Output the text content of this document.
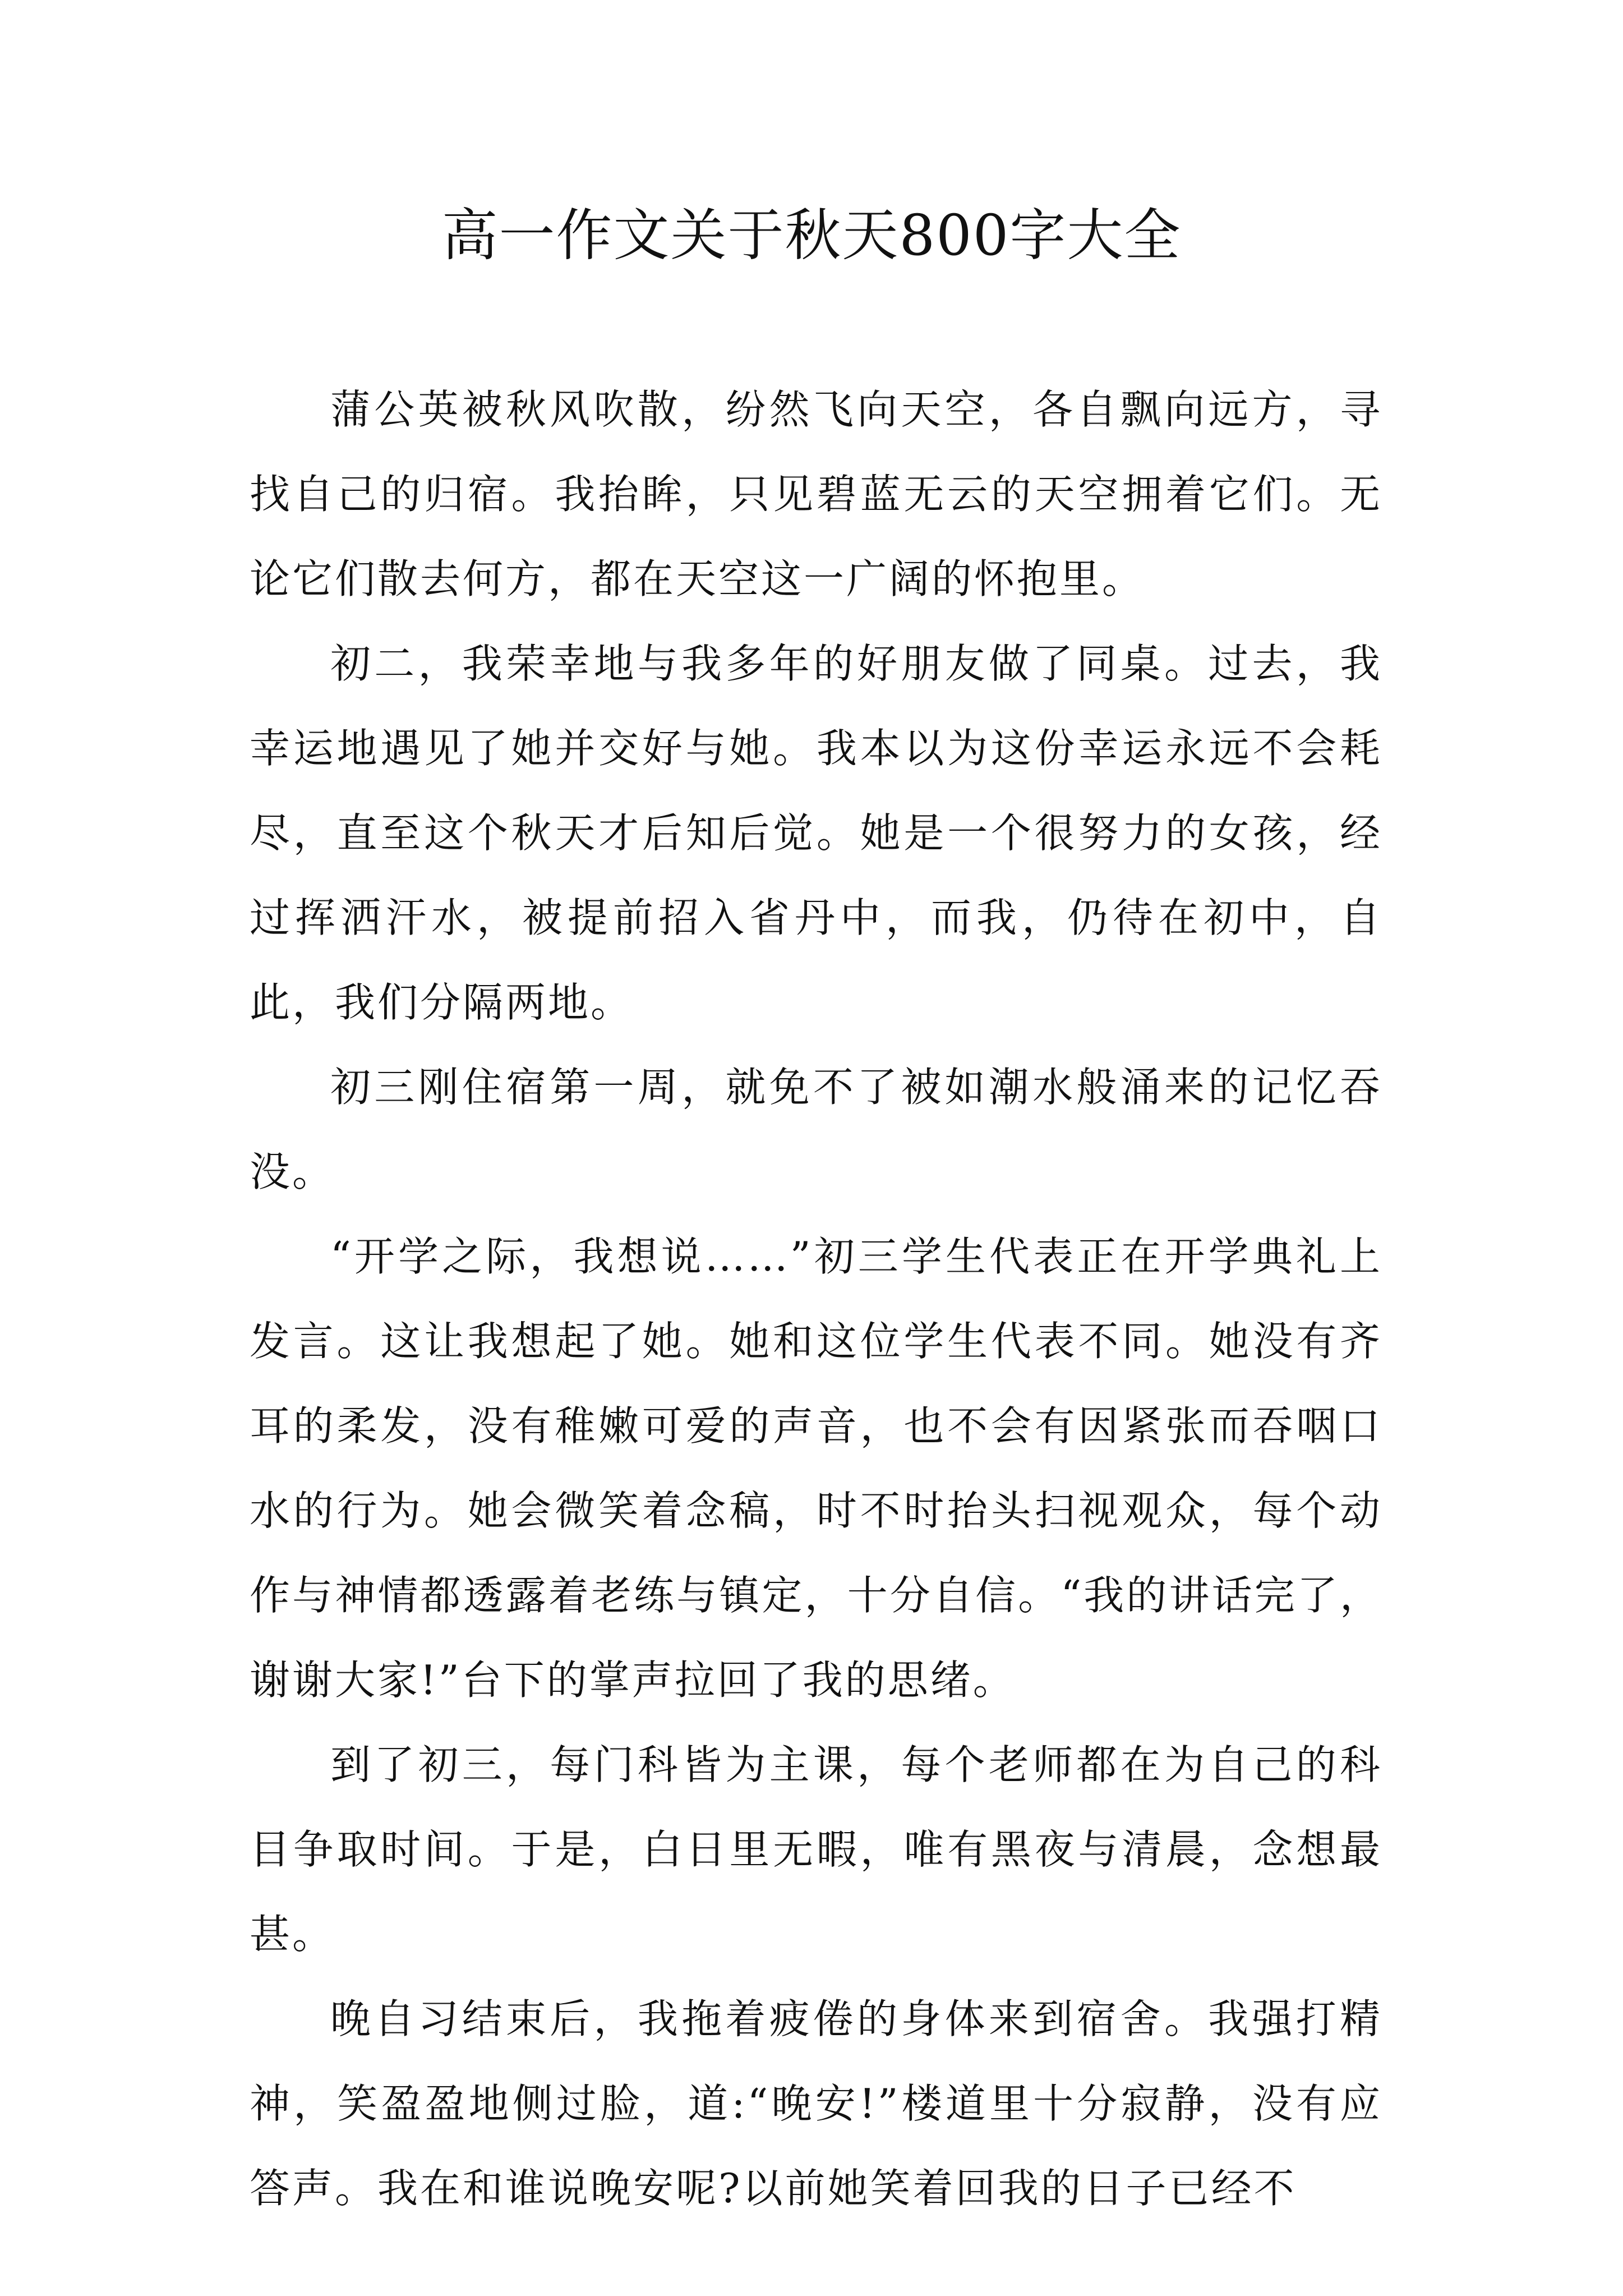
高一作文关于秋天800字大全

蒲公英被秋风吹散，纷然飞向天空，各自飘向远方，寻找自己的归宿。我抬眸，只见碧蓝无云的天空拥着它们。无论它们散去何方，都在天空这一广阔的怀抱里。

初二，我荣幸地与我多年的好朋友做了同桌。过去，我幸运地遇见了她并交好与她。我本以为这份幸运永远不会耗尽，直至这个秋天才后知后觉。她是一个很努力的女孩，经过挥洒汗水，被提前招入省丹中，而我，仍待在初中，自此，我们分隔两地。

初三刚住宿第一周，就免不了被如潮水般涌来的记忆吞没。

“开学之际，我想说……”初三学生代表正在开学典礼上发言。这让我想起了她。她和这位学生代表不同。她没有齐耳的柔发，没有稚嫩可爱的声音，也不会有因紧张而吞咽口水的行为。她会微笑着念稿，时不时抬头扫视观众，每个动作与神情都透露着老练与镇定，十分自信。“我的讲话完了，谢谢大家!”台下的掌声拉回了我的思绪。

到了初三，每门科皆为主课，每个老师都在为自己的科目争取时间。于是，白日里无暇，唯有黑夜与清晨，念想最甚。

晚自习结束后，我拖着疲倦的身体来到宿舍。我强打精神，笑盈盈地侧过脸，道:“晚安!”楼道里十分寂静，没有应答声。我在和谁说晚安呢?以前她笑着回我的日子已经不
